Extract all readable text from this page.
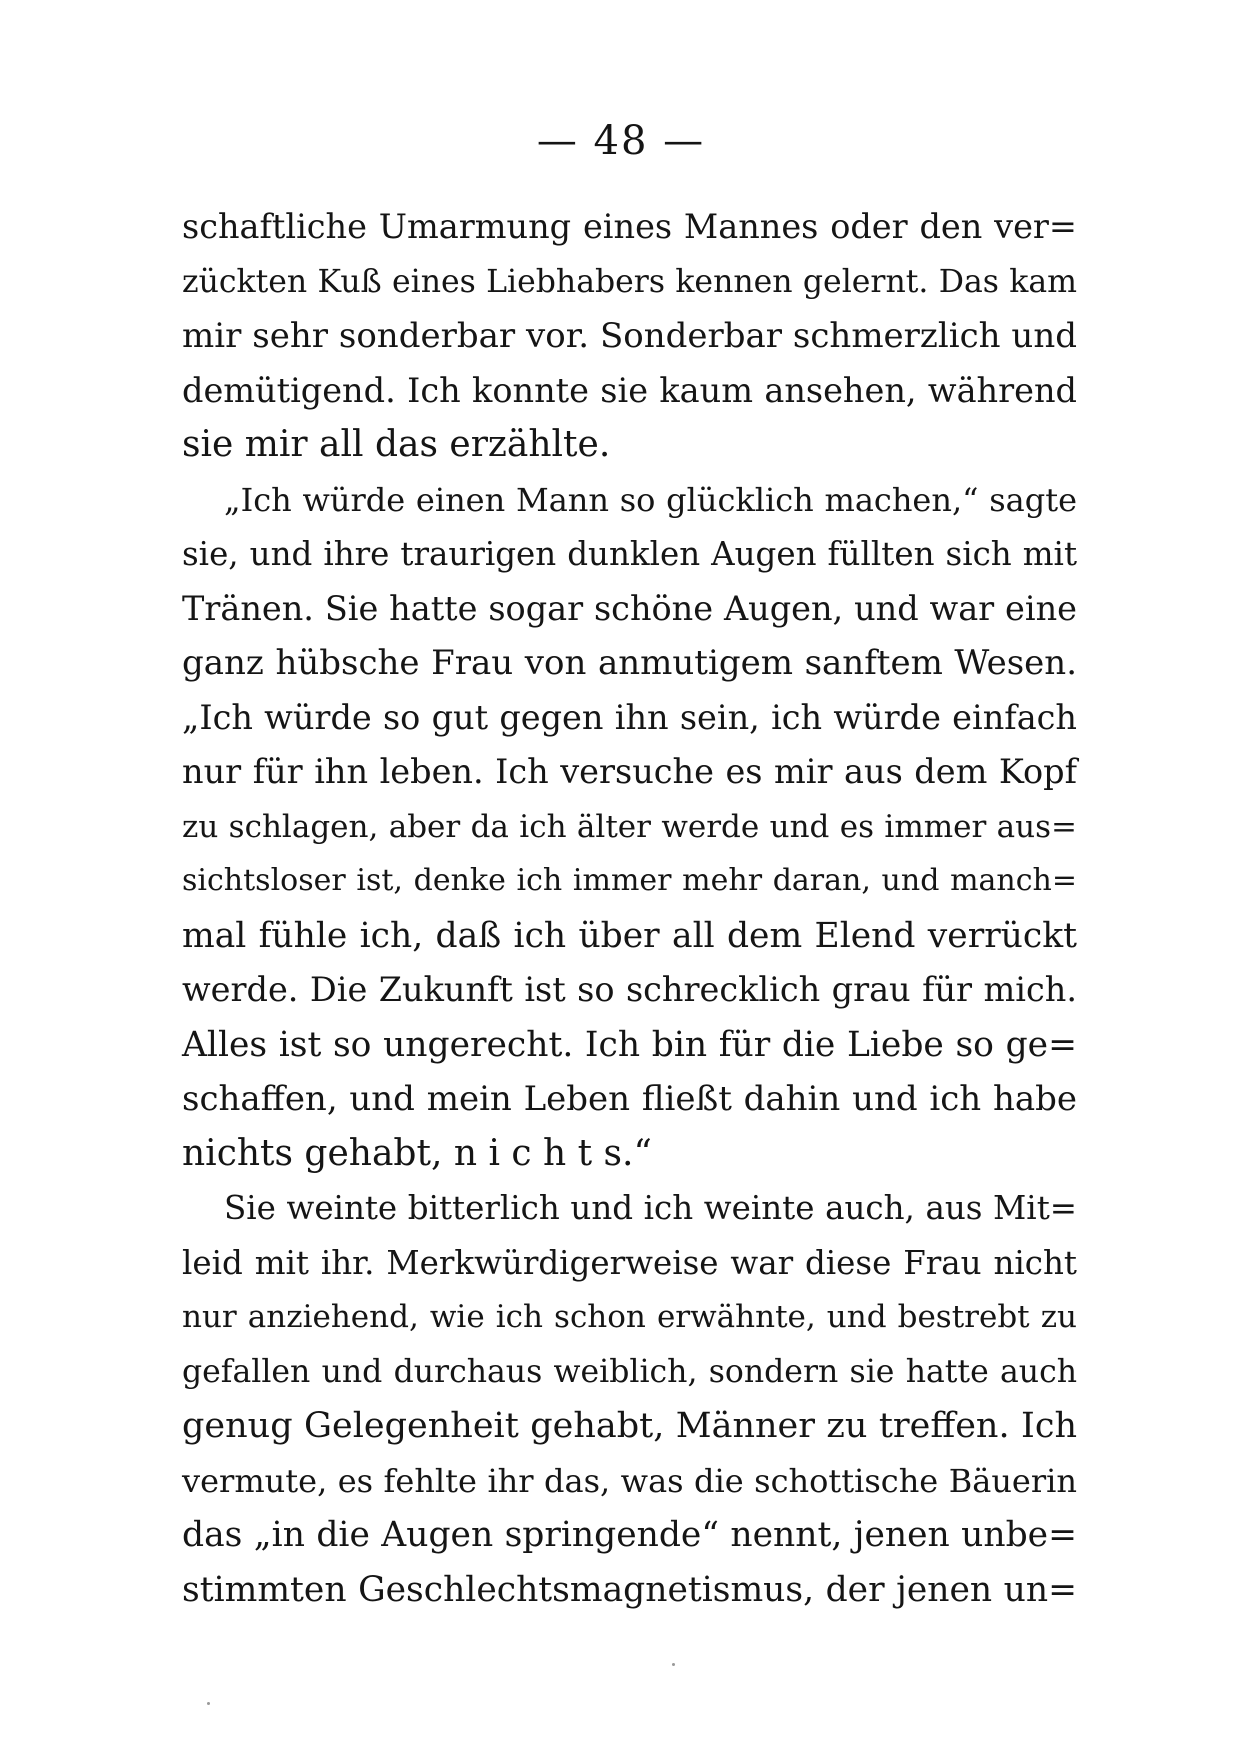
— 48 —

schaftliche Umarmung eines Mannes oder den ver=
zückten Kuß eines Liebhabers kennen gelernt. Das kam
mir sehr sonderbar vor. Sonderbar schmerzlich und
demütigend. Ich konnte sie kaum ansehen, während
sie mir all das erzählte.
„Ich würde einen Mann so glücklich machen,“ sagte
sie, und ihre traurigen dunklen Augen füllten sich mit
Tränen. Sie hatte sogar schöne Augen, und war eine
ganz hübsche Frau von anmutigem sanftem Wesen.
„Ich würde so gut gegen ihn sein, ich würde einfach
nur für ihn leben. Ich versuche es mir aus dem Kopf
zu schlagen, aber da ich älter werde und es immer aus=
sichtsloser ist, denke ich immer mehr daran, und manch=
mal fühle ich, daß ich über all dem Elend verrückt
werde. Die Zukunft ist so schrecklich grau für mich.
Alles ist so ungerecht. Ich bin für die Liebe so ge=
schaffen, und mein Leben fließt dahin und ich habe
nichts gehabt, n i c h t s.“
Sie weinte bitterlich und ich weinte auch, aus Mit=
leid mit ihr. Merkwürdigerweise war diese Frau nicht
nur anziehend, wie ich schon erwähnte, und bestrebt zu
gefallen und durchaus weiblich, sondern sie hatte auch
genug Gelegenheit gehabt, Männer zu treffen. Ich
vermute, es fehlte ihr das, was die schottische Bäuerin
das „in die Augen springende“ nennt, jenen unbe=
stimmten Geschlechtsmagnetismus, der jenen un=
